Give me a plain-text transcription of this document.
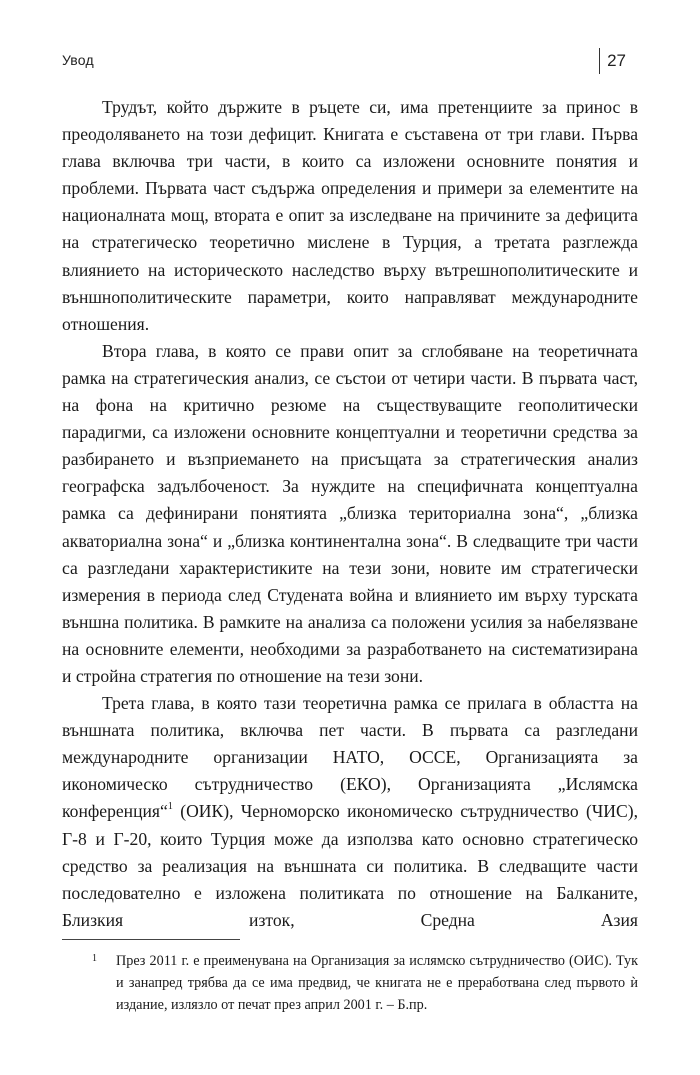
Увод	27

Трудът, който държите в ръцете си, има претенциите за принос в преодоляването на този дефицит. Книгата е съставена от три глави. Първа глава включва три части, в които са изложени основните понятия и проблеми. Първата част съдържа определения и примери за елементите на националната мощ, втората е опит за изследване на причините за дефицита на стратегическо теоретично мислене в Турция, а третата разглежда влиянието на историческото наследство върху вътрешнополитическите и външнополитическите параметри, които направляват международните отношения.

Втора глава, в която се прави опит за сглобяване на теоретичната рамка на стратегическия анализ, се състои от четири части. В първата част, на фона на критично резюме на съществуващите геополитически парадигми, са изложени основните концептуални и теоретични средства за разбирането и възприемането на присъщата за стратегическия анализ географска задълбоченост. За нуждите на специфичната концептуална рамка са дефинирани понятията „близка териториална зона“, „близка акваториална зона“ и „близка континентална зона“. В следващите три части са разгледани характеристиките на тези зони, новите им стратегически измерения в периода след Студената война и влиянието им върху турската външна политика. В рамките на анализа са положени усилия за набелязване на основните елементи, необходими за разработването на систематизирана и стройна стратегия по отношение на тези зони.

Трета глава, в която тази теоретична рамка се прилага в областта на външната политика, включва пет части. В първата са разгледани международните организации НАТО, ОССЕ, Организацията за икономическо сътрудничество (ЕКО), Организацията „Ислямска конференция“$^1$ (ОИК), Черноморско икономическо сътрудничество (ЧИС), Г-8 и Г-20, които Турция може да използва като основно стратегическо средство за реализация на външната си политика. В следващите части последователно е изложена политиката по отношение на Балканите, Близкия изток, Средна Азия

1 През 2011 г. е преименувана на Организация за ислямско сътрудничество (ОИС). Тук и занапред трябва да се има предвид, че книгата не е преработвана след първото ѝ издание, излязло от печат през април 2001 г. – Б.пр.
